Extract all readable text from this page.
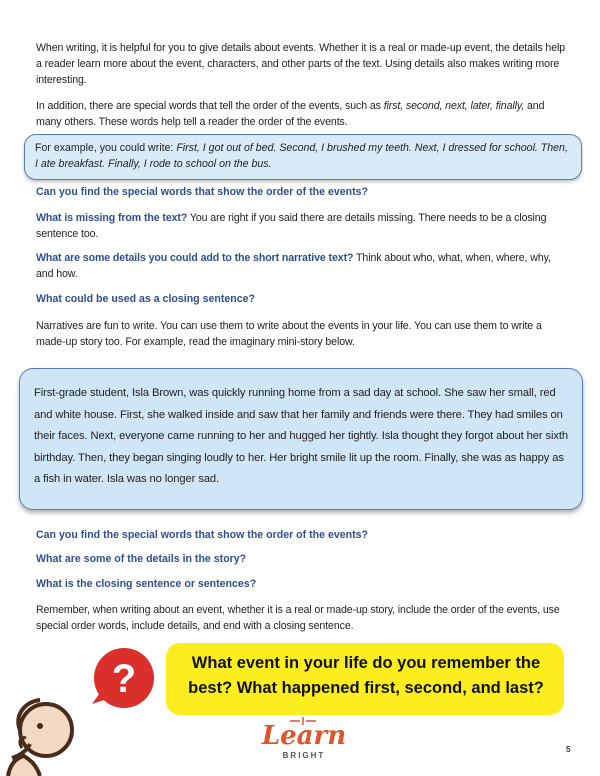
When writing, it is helpful for you to give details about events. Whether it is a real or made-up event, the details help a reader learn more about the event, characters, and other parts of the text. Using details also makes writing more interesting.

In addition, there are special words that tell the order of the events, such as first, second, next, later, finally, and many others. These words help tell a reader the order of the events.

For example, you could write: First, I got out of bed. Second, I brushed my teeth. Next, I dressed for school. Then, I ate breakfast. Finally, I rode to school on the bus.

Can you find the special words that show the order of the events?

What is missing from the text? You are right if you said there are details missing. There needs to be a closing sentence too.

What are some details you could add to the short narrative text? Think about who, what, when, where, why, and how.

What could be used as a closing sentence?

Narratives are fun to write. You can use them to write about the events in your life. You can use them to write a made-up story too. For example, read the imaginary mini-story below.

First-grade student, Isla Brown, was quickly running home from a sad day at school. She saw her small, red and white house. First, she walked inside and saw that her family and friends were there. They had smiles on their faces. Next, everyone came running to her and hugged her tightly. Isla thought they forgot about her sixth birthday. Then, they began singing loudly to her. Her bright smile lit up the room. Finally, she was as happy as a fish in water. Isla was no longer sad.

Can you find the special words that show the order of the events?

What are some of the details in the story?

What is the closing sentence or sentences?

Remember, when writing about an event, whether it is a real or made-up story, include the order of the events, use special order words, include details, and end with a closing sentence.

?	What event in your life do you remember the best? What happened first, second, and last?

Learn
BRIGHT
5
